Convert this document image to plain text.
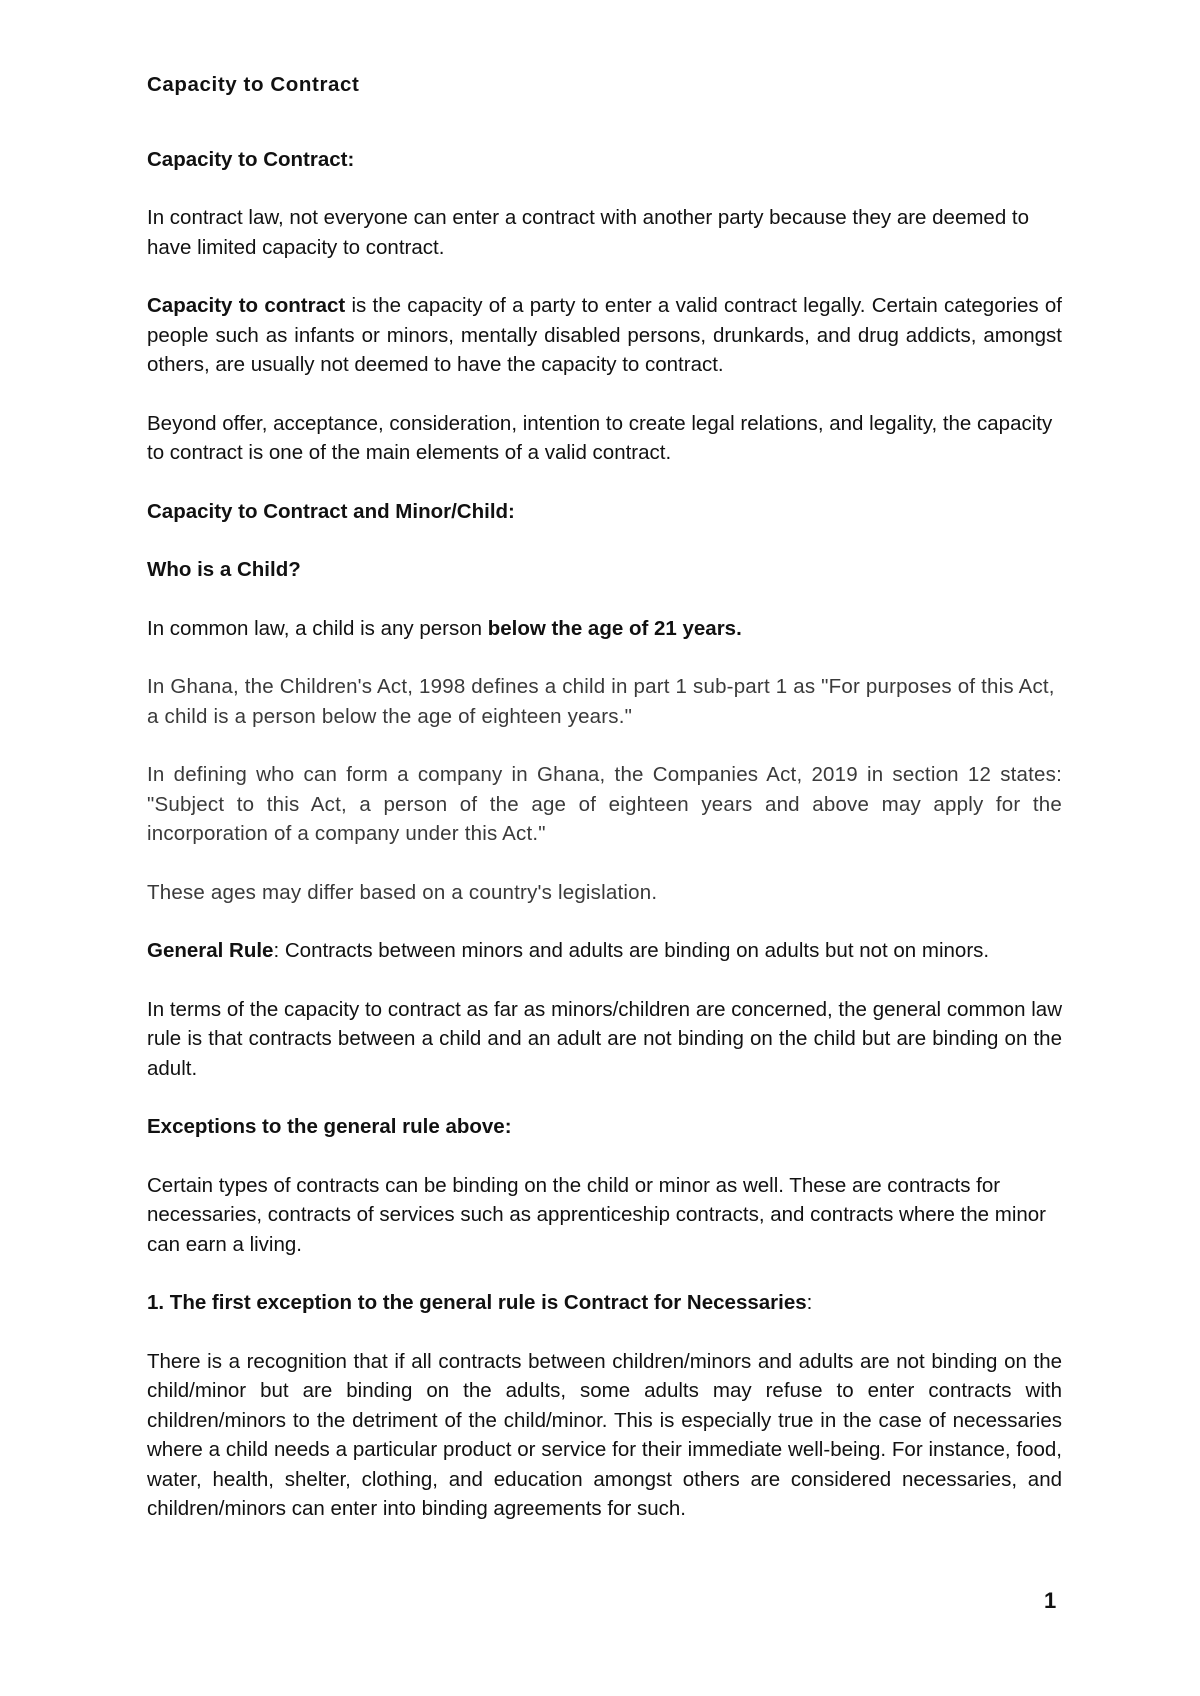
Capacity to Contract

Capacity to Contract:

In contract law, not everyone can enter a contract with another party because they are deemed to have limited capacity to contract.

Capacity to contract is the capacity of a party to enter a valid contract legally. Certain categories of people such as infants or minors, mentally disabled persons, drunkards, and drug addicts, amongst others, are usually not deemed to have the capacity to contract.

Beyond offer, acceptance, consideration, intention to create legal relations, and legality, the capacity to contract is one of the main elements of a valid contract.

Capacity to Contract and Minor/Child:

Who is a Child?

In common law, a child is any person below the age of 21 years.

In Ghana, the Children's Act, 1998 defines a child in part 1 sub-part 1 as "For purposes of this Act, a child is a person below the age of eighteen years."

In defining who can form a company in Ghana, the Companies Act, 2019 in section 12 states: "Subject to this Act, a person of the age of eighteen years and above may apply for the incorporation of a company under this Act."

These ages may differ based on a country's legislation.

General Rule: Contracts between minors and adults are binding on adults but not on minors.

In terms of the capacity to contract as far as minors/children are concerned, the general common law rule is that contracts between a child and an adult are not binding on the child but are binding on the adult.

Exceptions to the general rule above:

Certain types of contracts can be binding on the child or minor as well. These are contracts for necessaries, contracts of services such as apprenticeship contracts, and contracts where the minor can earn a living.

1. The first exception to the general rule is Contract for Necessaries:

There is a recognition that if all contracts between children/minors and adults are not binding on the child/minor but are binding on the adults, some adults may refuse to enter contracts with children/minors to the detriment of the child/minor. This is especially true in the case of necessaries where a child needs a particular product or service for their immediate well-being. For instance, food, water, health, shelter, clothing, and education amongst others are considered necessaries, and children/minors can enter into binding agreements for such.

1
